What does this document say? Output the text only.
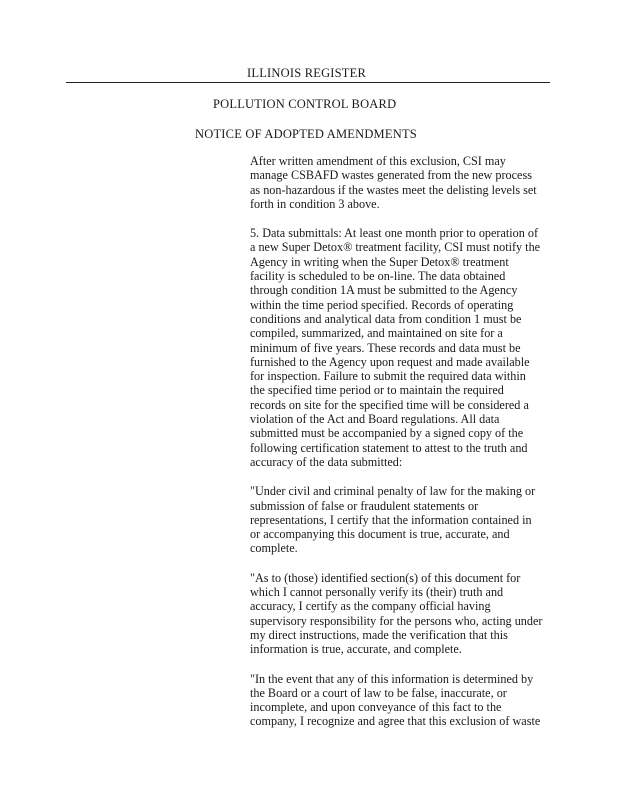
ILLINOIS REGISTER
POLLUTION CONTROL BOARD
NOTICE OF ADOPTED AMENDMENTS

After written amendment of this exclusion, CSI may
manage CSBAFD wastes generated from the new process
as non-hazardous if the wastes meet the delisting levels set
forth in condition 3 above.

5. Data submittals: At least one month prior to operation of
a new Super Detox® treatment facility, CSI must notify the
Agency in writing when the Super Detox® treatment
facility is scheduled to be on-line. The data obtained
through condition 1A must be submitted to the Agency
within the time period specified. Records of operating
conditions and analytical data from condition 1 must be
compiled, summarized, and maintained on site for a
minimum of five years. These records and data must be
furnished to the Agency upon request and made available
for inspection. Failure to submit the required data within
the specified time period or to maintain the required
records on site for the specified time will be considered a
violation of the Act and Board regulations. All data
submitted must be accompanied by a signed copy of the
following certification statement to attest to the truth and
accuracy of the data submitted:

"Under civil and criminal penalty of law for the making or
submission of false or fraudulent statements or
representations, I certify that the information contained in
or accompanying this document is true, accurate, and
complete.

"As to (those) identified section(s) of this document for
which I cannot personally verify its (their) truth and
accuracy, I certify as the company official having
supervisory responsibility for the persons who, acting under
my direct instructions, made the verification that this
information is true, accurate, and complete.

"In the event that any of this information is determined by
the Board or a court of law to be false, inaccurate, or
incomplete, and upon conveyance of this fact to the
company, I recognize and agree that this exclusion of waste
